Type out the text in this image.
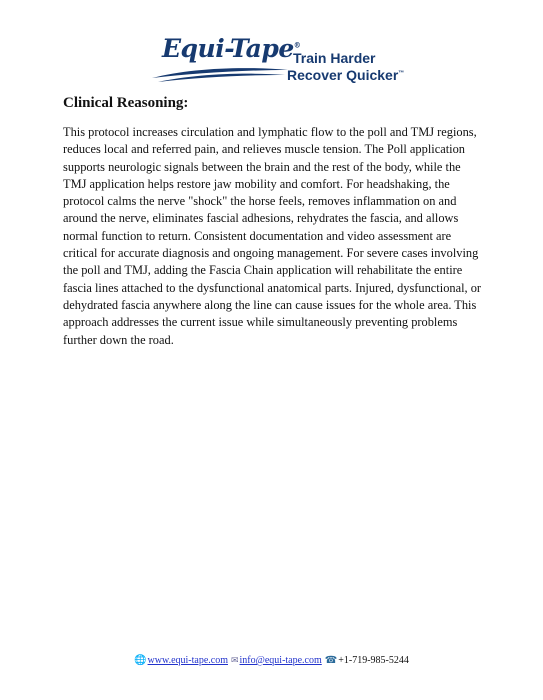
Equi-Tape®
Train Harder
Recover Quicker™
Clinical Reasoning:

This protocol increases circulation and lymphatic flow to the poll and TMJ regions, reduces local and referred pain, and relieves muscle tension. The Poll application supports neurologic signals between the brain and the rest of the body, while the TMJ application helps restore jaw mobility and comfort. For headshaking, the protocol calms the nerve "shock" the horse feels, removes inflammation on and around the nerve, eliminates fascial adhesions, rehydrates the fascia, and allows normal function to return. Consistent documentation and video assessment are critical for accurate diagnosis and ongoing management. For severe cases involving the poll and TMJ, adding the Fascia Chain application will rehabilitate the entire fascia lines attached to the dysfunctional anatomical parts. Injured, dysfunctional, or dehydrated fascia anywhere along the line can cause issues for the whole area. This approach addresses the current issue while simultaneously preventing problems further down the road.

🌐www.equi-tape.com ✉info@equi-tape.com ☎+1-719-985-5244
